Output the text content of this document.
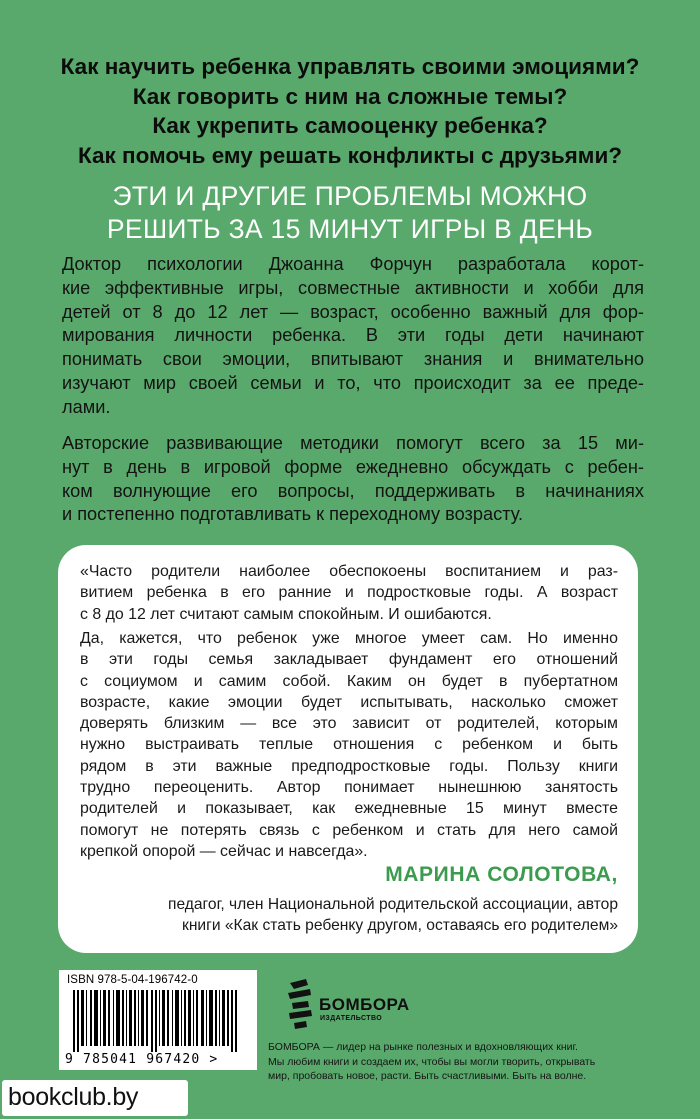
Как научить ребенка управлять своими эмоциями?
Как говорить с ним на сложные темы?
Как укрепить самооценку ребенка?
Как помочь ему решать конфликты с друзьями?
ЭТИ И ДРУГИЕ ПРОБЛЕМЫ МОЖНО
РЕШИТЬ ЗА 15 МИНУТ ИГРЫ В ДЕНЬ
Доктор психологии Джоанна Форчун разработала корот-
кие эффективные игры, совместные активности и хобби для
детей от 8 до 12 лет — возраст, особенно важный для фор-
мирования личности ребенка. В эти годы дети начинают
понимать свои эмоции, впитывают знания и внимательно
изучают мир своей семьи и то, что происходит за ее преде-
лами.
Авторские развивающие методики помогут всего за 15 ми-
нут в день в игровой форме ежедневно обсуждать с ребен-
ком волнующие его вопросы, поддерживать в начинаниях
и постепенно подготавливать к переходному возрасту.
«Часто родители наиболее обеспокоены воспитанием и раз-
витием ребенка в его ранние и подростковые годы. А возраст
с 8 до 12 лет считают самым спокойным. И ошибаются.
Да, кажется, что ребенок уже многое умеет сам. Но именно
в эти годы семья закладывает фундамент его отношений
с социумом и самим собой. Каким он будет в пубертатном
возрасте, какие эмоции будет испытывать, насколько сможет
доверять близким — все это зависит от родителей, которым
нужно выстраивать теплые отношения с ребенком и быть
рядом в эти важные предподростковые годы. Пользу книги
трудно переоценить. Автор понимает нынешнюю занятость
родителей и показывает, как ежедневные 15 минут вместе
помогут не потерять связь с ребенком и стать для него самой
крепкой опорой — сейчас и навсегда».
МАРИНА СОЛОТОВА,
педагог, член Национальной родительской ассоциации, автор
книги «Как стать ребенку другом, оставаясь его родителем»
ISBN 978-5-04-196742-0
9 785041 967420 >
БОМБОРА
ИЗДАТЕЛЬСТВО
БОМБОРА — лидер на рынке полезных и вдохновляющих книг.
Мы любим книги и создаем их, чтобы вы могли творить, открывать
мир, пробовать новое, расти. Быть счастливыми. Быть на волне.
bookclub.by
